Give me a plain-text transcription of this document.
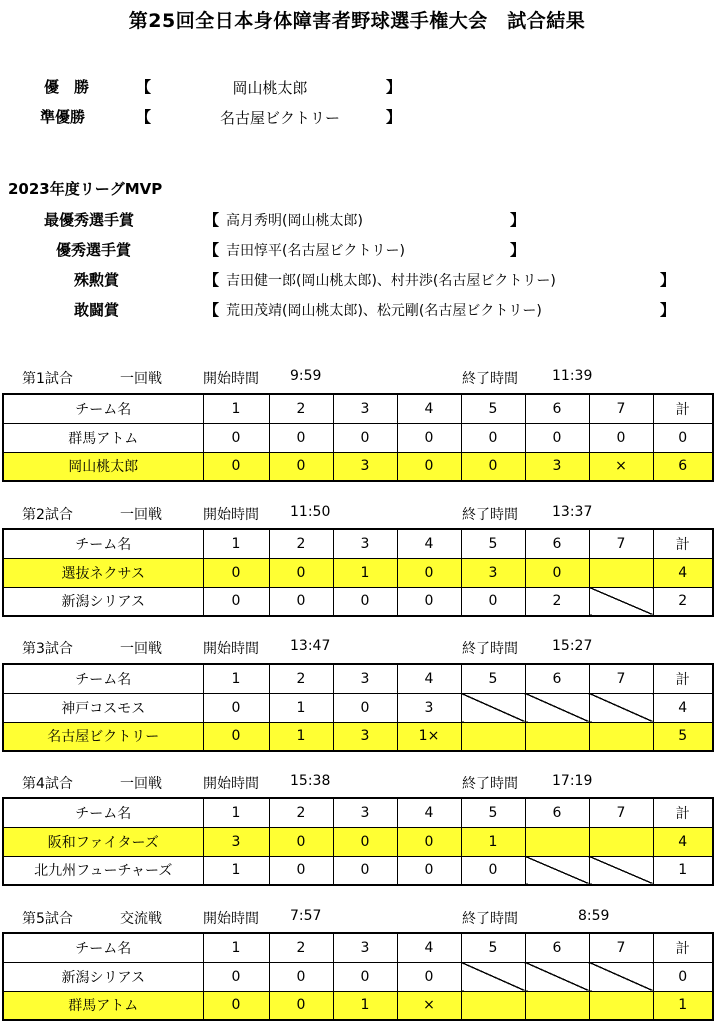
第25回全日本身体障害者野球選手権大会　試合結果
優　勝	【	岡山桃太郎	】
準優勝	【	名古屋ビクトリー	】
2023年度リーグMVP
最優秀選手賞	【 高月秀明(岡山桃太郎)	】
優秀選手賞	【 吉田惇平(名古屋ビクトリー)	】
殊勲賞	【 吉田健一郎(岡山桃太郎)、村井渉(名古屋ビクトリー)	】
敢闘賞	【 荒田茂靖(岡山桃太郎)、松元剛(名古屋ビクトリー)	】
第1試合	一回戦	開始時間 9:59	終了時間 11:39
チーム名	1	2	3	4	5	6	7	計
群馬アトム	0	0	0	0	0	0	0	0
岡山桃太郎	0	0	3	0	0	3	×	6
第2試合	一回戦	開始時間 11:50	終了時間 13:37
チーム名	1	2	3	4	5	6	7	計
選抜ネクサス	0	0	1	0	3	0		4
新潟シリアス	0	0	0	0	0	2		2
第3試合	一回戦	開始時間 13:47	終了時間 15:27
チーム名	1	2	3	4	5	6	7	計
神戸コスモス	0	1	0	3				4
名古屋ビクトリー	0	1	3	1×				5
第4試合	一回戦	開始時間 15:38	終了時間 17:19
チーム名	1	2	3	4	5	6	7	計
阪和ファイターズ	3	0	0	0	1			4
北九州フューチャーズ	1	0	0	0	0			1
第5試合	交流戦	開始時間 7:57	終了時間	8:59
チーム名	1	2	3	4	5	6	7	計
新潟シリアス	0	0	0	0				0
群馬アトム	0	0	1	×				1
